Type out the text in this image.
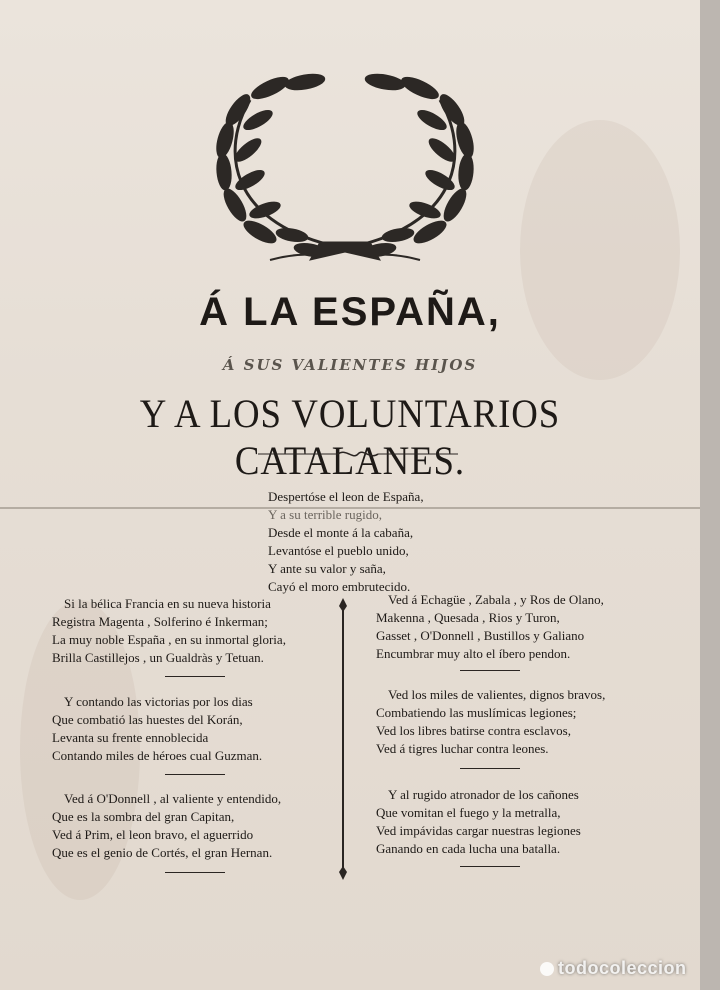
Á LA ESPAÑA,
Á SUS VALIENTES HIJOS
Y A LOS VOLUNTARIOS CATALANES.
Despertóse el leon de España,
Y a su terrible rugido,
Desde el monte á la cabaña,
Levantóse el pueblo unido,
Y ante su valor y saña,
Cayó el moro embrutecido.
Si la bélica Francia en su nueva historia
Registra Magenta , Solferino é Inkerman;
La muy noble España , en su inmortal gloria,
Brilla Castillejos , un Gualdràs y Tetuan.
Y contando las victorias por los dias
Que combatió las huestes del Korán,
Levanta su frente ennoblecida
Contando miles de héroes cual Guzman.
Ved á O'Donnell , al valiente y entendido,
Que es la sombra del gran Capitan,
Ved á Prim, el leon bravo, el aguerrido
Que es el genio de Cortés, el gran Hernan.
Ved á Echagüe , Zabala , y Ros de Olano,
Makenna , Quesada , Rios y Turon,
Gasset , O'Donnell , Bustillos y Galiano
Encumbrar muy alto el íbero pendon.
Ved los miles de valientes, dignos bravos,
Combatiendo las muslímicas legiones;
Ved los libres batirse contra esclavos,
Ved á tigres luchar contra leones.
Y al rugido atronador de los cañones
Que vomitan el fuego y la metralla,
Ved impávidas cargar nuestras legiones
Ganando en cada lucha una batalla.
todocoleccion
